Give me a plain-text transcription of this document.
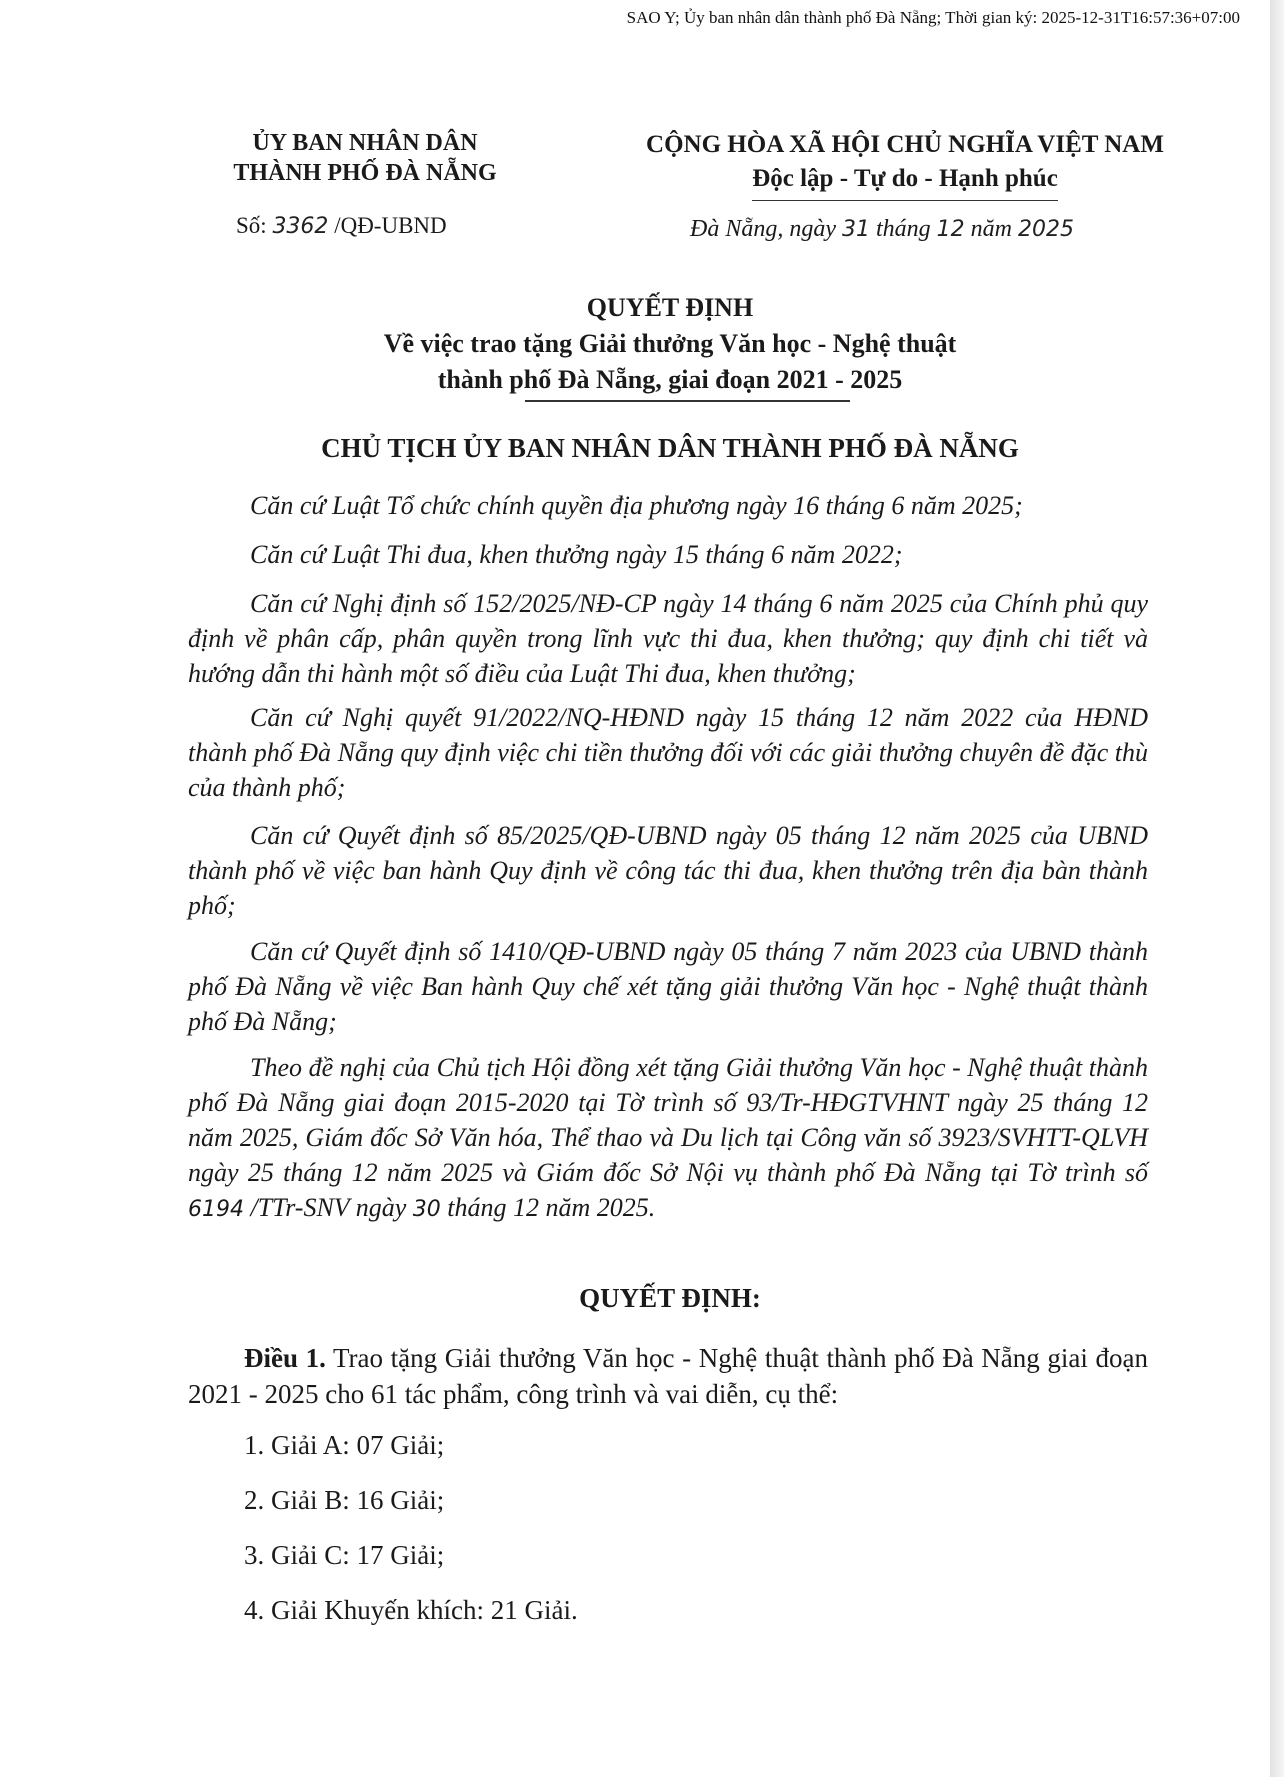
SAO Y; Ủy ban nhân dân thành phố Đà Nẵng; Thời gian ký: 2025-12-31T16:57:36+07:00
ỦY BAN NHÂN DÂN
THÀNH PHỐ ĐÀ NẴNG
CỘNG HÒA XÃ HỘI CHỦ NGHĨA VIỆT NAM
Độc lập - Tự do - Hạnh phúc
Số: 3362 /QĐ-UBND	Đà Nẵng, ngày 31 tháng 12 năm 2025
QUYẾT ĐỊNH
Về việc trao tặng Giải thưởng Văn học - Nghệ thuật
thành phố Đà Nẵng, giai đoạn 2021 - 2025
CHỦ TỊCH ỦY BAN NHÂN DÂN THÀNH PHỐ ĐÀ NẴNG
Căn cứ Luật Tổ chức chính quyền địa phương ngày 16 tháng 6 năm 2025;
Căn cứ Luật Thi đua, khen thưởng ngày 15 tháng 6 năm 2022;
Căn cứ Nghị định số 152/2025/NĐ-CP ngày 14 tháng 6 năm 2025 của Chính phủ quy định về phân cấp, phân quyền trong lĩnh vực thi đua, khen thưởng; quy định chi tiết và hướng dẫn thi hành một số điều của Luật Thi đua, khen thưởng;
Căn cứ Nghị quyết 91/2022/NQ-HĐND ngày 15 tháng 12 năm 2022 của HĐND thành phố Đà Nẵng quy định việc chi tiền thưởng đối với các giải thưởng chuyên đề đặc thù của thành phố;
Căn cứ Quyết định số 85/2025/QĐ-UBND ngày 05 tháng 12 năm 2025 của UBND thành phố về việc ban hành Quy định về công tác thi đua, khen thưởng trên địa bàn thành phố;
Căn cứ Quyết định số 1410/QĐ-UBND ngày 05 tháng 7 năm 2023 của UBND thành phố Đà Nẵng về việc Ban hành Quy chế xét tặng giải thưởng Văn học - Nghệ thuật thành phố Đà Nẵng;
Theo đề nghị của Chủ tịch Hội đồng xét tặng Giải thưởng Văn học - Nghệ thuật thành phố Đà Nẵng giai đoạn 2015-2020 tại Tờ trình số 93/Tr-HĐGTVHNT ngày 25 tháng 12 năm 2025, Giám đốc Sở Văn hóa, Thể thao và Du lịch tại Công văn số 3923/SVHTT-QLVH ngày 25 tháng 12 năm 2025 và Giám đốc Sở Nội vụ thành phố Đà Nẵng tại Tờ trình số 6194 /TTr-SNV ngày 30 tháng 12 năm 2025.
QUYẾT ĐỊNH:
Điều 1. Trao tặng Giải thưởng Văn học - Nghệ thuật thành phố Đà Nẵng giai đoạn 2021 - 2025 cho 61 tác phẩm, công trình và vai diễn, cụ thể:
1. Giải A: 07 Giải;
2. Giải B: 16 Giải;
3. Giải C: 17 Giải;
4. Giải Khuyến khích: 21 Giải.
